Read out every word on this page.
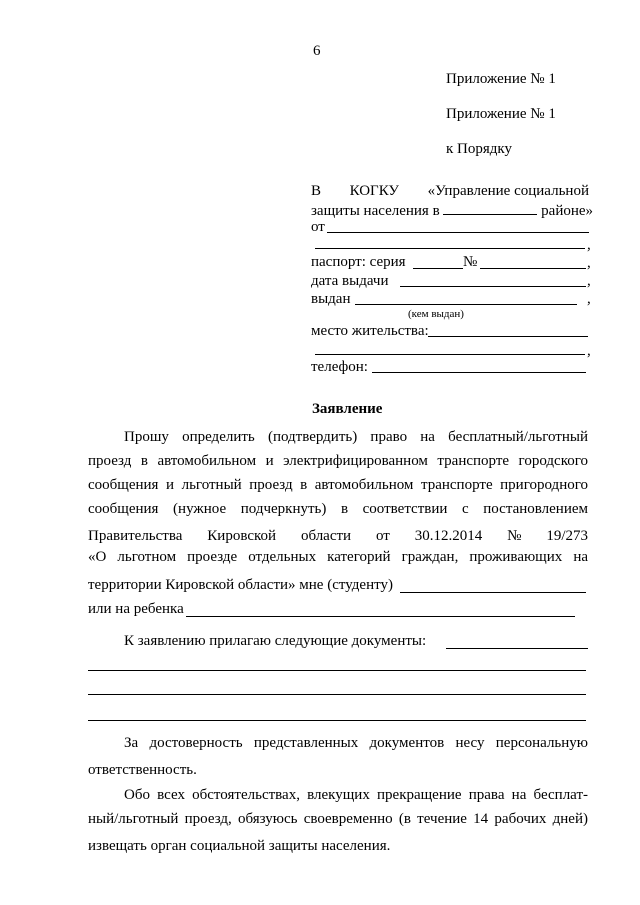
6
Приложение № 1
Приложение № 1
к Порядку
В КОГКУ «Управление социальной
защиты населения в	районе»
от
,
паспорт: серия	№	,
дата выдачи	,
выдан	,
(кем выдан)
место жительства:
,
телефон:
Заявление
Прошу определить (подтвердить) право на бесплатный/льготный
проезд в автомобильном и электрифицированном транспорте городского
сообщения и льготный проезд в автомобильном транспорте пригородного
сообщения (нужное подчеркнуть) в соответствии с постановлением
Правительства Кировской области от 30.12.2014 № 19/273
«О льготном проезде отдельных категорий граждан, проживающих на
территории Кировской области» мне (студенту)
или на ребенка
К заявлению прилагаю следующие документы:
За достоверность представленных документов несу персональную
ответственность.
Обо всех обстоятельствах, влекущих прекращение права на бесплат-
ный/льготный проезд, обязуюсь своевременно (в течение 14 рабочих дней)
извещать орган социальной защиты населения.
